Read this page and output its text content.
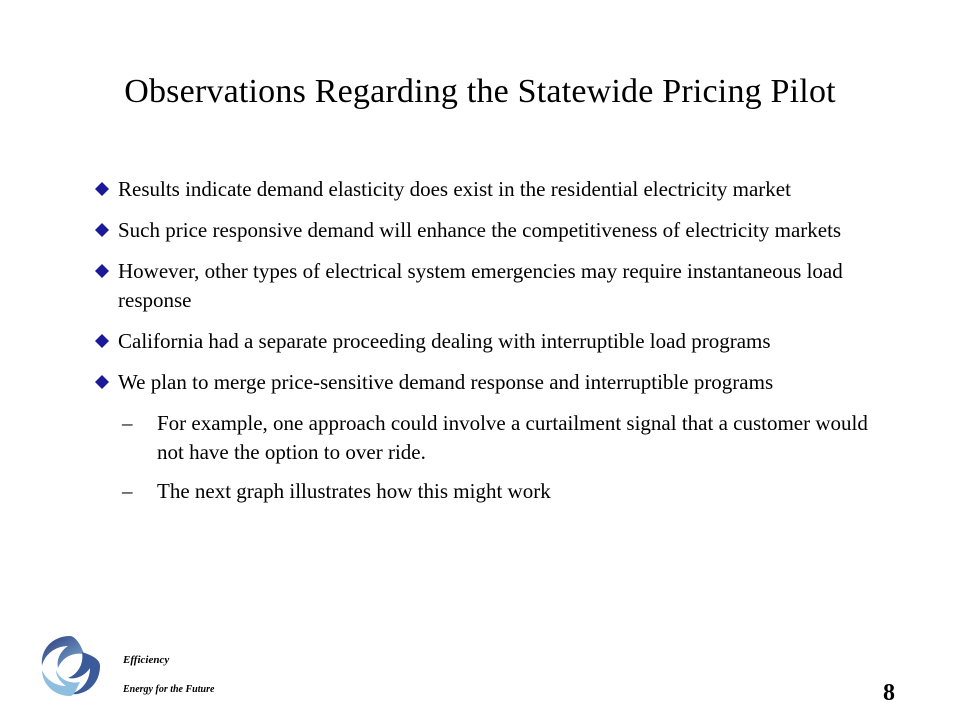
Observations Regarding the Statewide Pricing Pilot
Results indicate demand elasticity does exist in the residential electricity market
Such price responsive demand will enhance the competitiveness of electricity markets
However, other types of electrical system emergencies may require instantaneous load response
California had a separate proceeding dealing with interruptible load programs
We plan to merge price-sensitive demand response and interruptible programs
– For example, one approach could involve a curtailment signal that a customer would not have the option to over ride.
– The next graph illustrates how this might work
Efficiency
Energy for the Future	8
